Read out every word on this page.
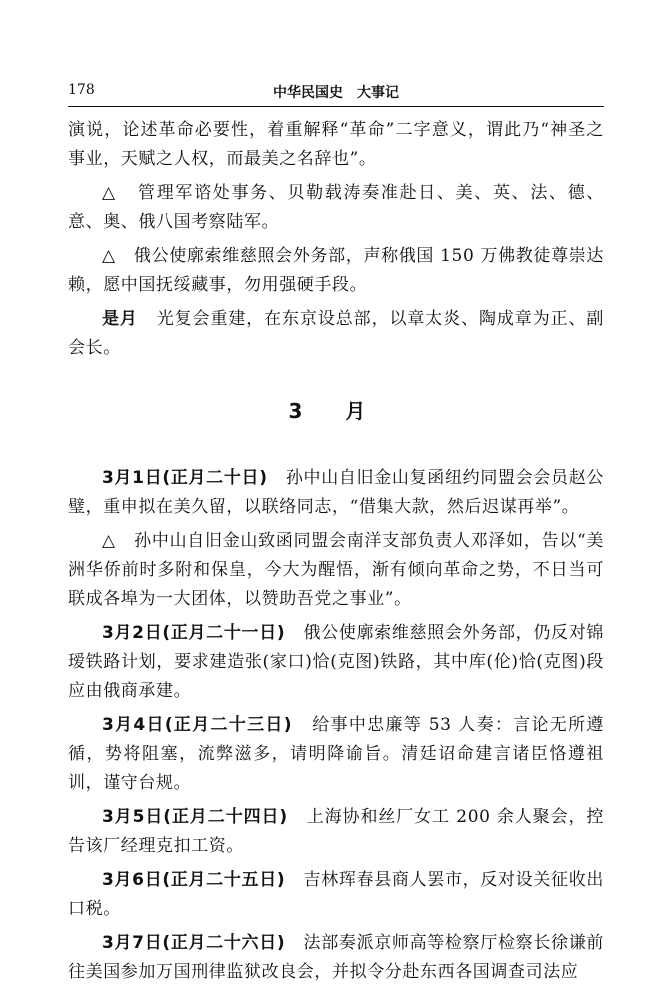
178	中华民国史　大事记

演说，论述革命必要性，着重解释“革命”二字意义，谓此乃“神圣之事业，天赋之人权，而最美之名辞也”。

△ 管理军谘处事务、贝勒载涛奏准赴日、美、英、法、德、意、奥、俄八国考察陆军。

△ 俄公使廓索维慈照会外务部，声称俄国 150 万佛教徒尊崇达赖，愿中国抚绥藏事，勿用强硬手段。

是月 光复会重建，在东京设总部，以章太炎、陶成章为正、副会长。

3 月

3月1日(正月二十日) 孙中山自旧金山复函纽约同盟会会员赵公璧，重申拟在美久留，以联络同志，“借集大款，然后迟谋再举”。

△ 孙中山自旧金山致函同盟会南洋支部负责人邓泽如，告以“美洲华侨前时多附和保皇，今大为醒悟，渐有倾向革命之势，不日当可联成各埠为一大团体，以赞助吾党之事业”。

3月2日(正月二十一日) 俄公使廓索维慈照会外务部，仍反对锦瑷铁路计划，要求建造张(家口)恰(克图)铁路，其中库(伦)恰(克图)段应由俄商承建。

3月4日(正月二十三日) 给事中忠廉等 53 人奏：言论无所遵循，势将阻塞，流弊滋多，请明降谕旨。清廷诏命建言诸臣恪遵祖训，谨守台规。

3月5日(正月二十四日) 上海协和丝厂女工 200 余人聚会，控告该厂经理克扣工资。

3月6日(正月二十五日) 吉林珲春县商人罢市，反对设关征收出口税。

3月7日(正月二十六日) 法部奏派京师高等检察厅检察长徐谦前往美国参加万国刑律监狱改良会，并拟令分赴东西各国调查司法应
